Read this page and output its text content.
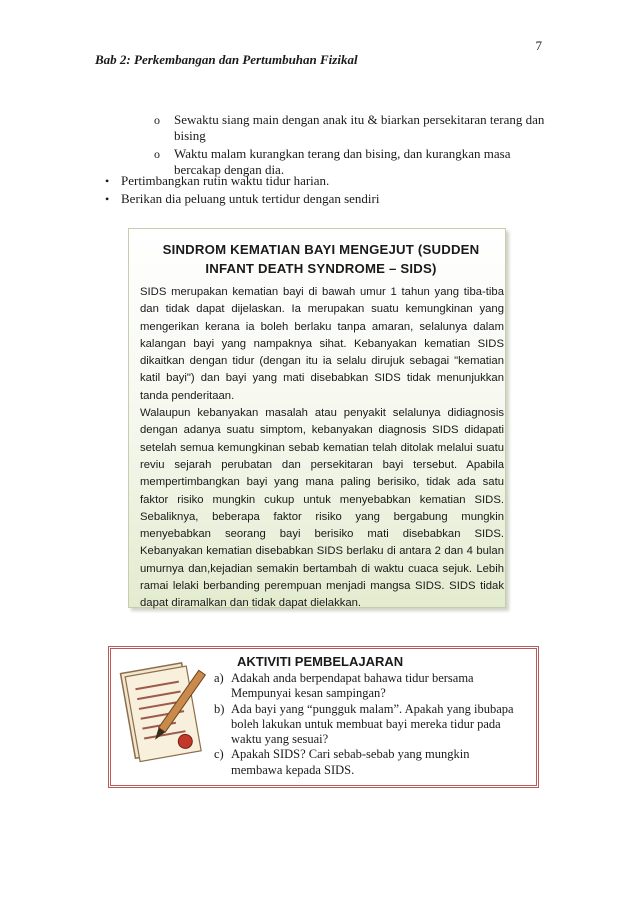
7
Bab 2: Perkembangan dan Pertumbuhan Fizikal
o Sewaktu siang main dengan anak itu & biarkan persekitaran terang dan bising
o Waktu malam kurangkan terang dan bising, dan kurangkan masa bercakap dengan dia.
• Pertimbangkan rutin waktu tidur harian.
• Berikan dia peluang untuk tertidur dengan sendiri
SINDROM KEMATIAN BAYI MENGEJUT (SUDDEN INFANT DEATH SYNDROME – SIDS)

SIDS merupakan kematian bayi di bawah umur 1 tahun yang tiba-tiba dan tidak dapat dijelaskan. Ia merupakan suatu kemungkinan yang mengerikan kerana ia boleh berlaku tanpa amaran, selalunya dalam kalangan bayi yang nampaknya sihat. Kebanyakan kematian SIDS dikaitkan dengan tidur (dengan itu ia selalu dirujuk sebagai "kematian katil bayi") dan bayi yang mati disebabkan SIDS tidak menunjukkan tanda penderitaan.

Walaupun kebanyakan masalah atau penyakit selalunya didiagnosis dengan adanya suatu simptom, kebanyakan diagnosis SIDS didapati setelah semua kemungkinan sebab kematian telah ditolak melalui suatu reviu sejarah perubatan dan persekitaran bayi tersebut. Apabila mempertimbangkan bayi yang mana paling berisiko, tidak ada satu faktor risiko mungkin cukup untuk menyebabkan kematian SIDS. Sebaliknya, beberapa faktor risiko yang bergabung mungkin menyebabkan seorang bayi berisiko mati disebabkan SIDS. Kebanyakan kematian disebabkan SIDS berlaku di antara 2 dan 4 bulan umurnya dan,kejadian semakin bertambah di waktu cuaca sejuk. Lebih ramai lelaki berbanding perempuan menjadi mangsa SIDS. SIDS tidak dapat diramalkan dan tidak dapat dielakkan.

AKTIVITI PEMBELAJARAN
a) Adakah anda berpendapat bahawa tidur bersama Mempunyai kesan sampingan?
b) Ada bayi yang “pungguk malam”. Apakah yang ibubapa boleh lakukan untuk membuat bayi mereka tidur pada waktu yang sesuai?
c) Apakah SIDS? Cari sebab-sebab yang mungkin membawa kepada SIDS.
